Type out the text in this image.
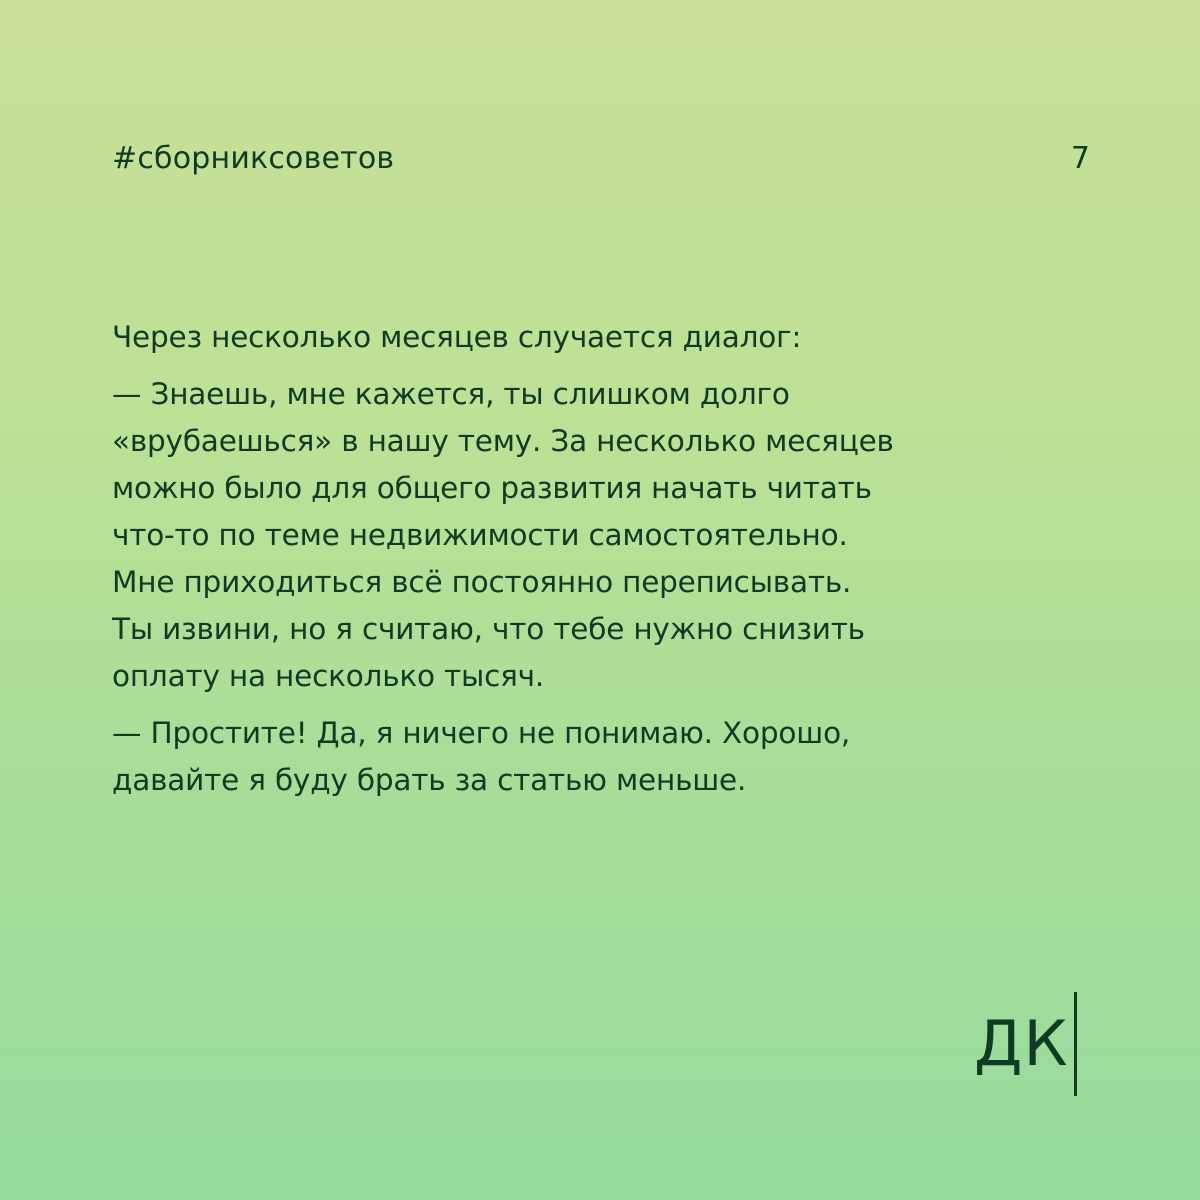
#сборниксоветов	7

Через несколько месяцев случается диалог:

— Знаешь, мне кажется, ты слишком долго
«врубаешься» в нашу тему. За несколько месяцев
можно было для общего развития начать читать
что-то по теме недвижимости самостоятельно.
Мне приходиться всё постоянно переписывать.
Ты извини, но я считаю, что тебе нужно снизить
оплату на несколько тысяч.

— Простите! Да, я ничего не понимаю. Хорошо,
давайте я буду брать за статью меньше.

ДК
